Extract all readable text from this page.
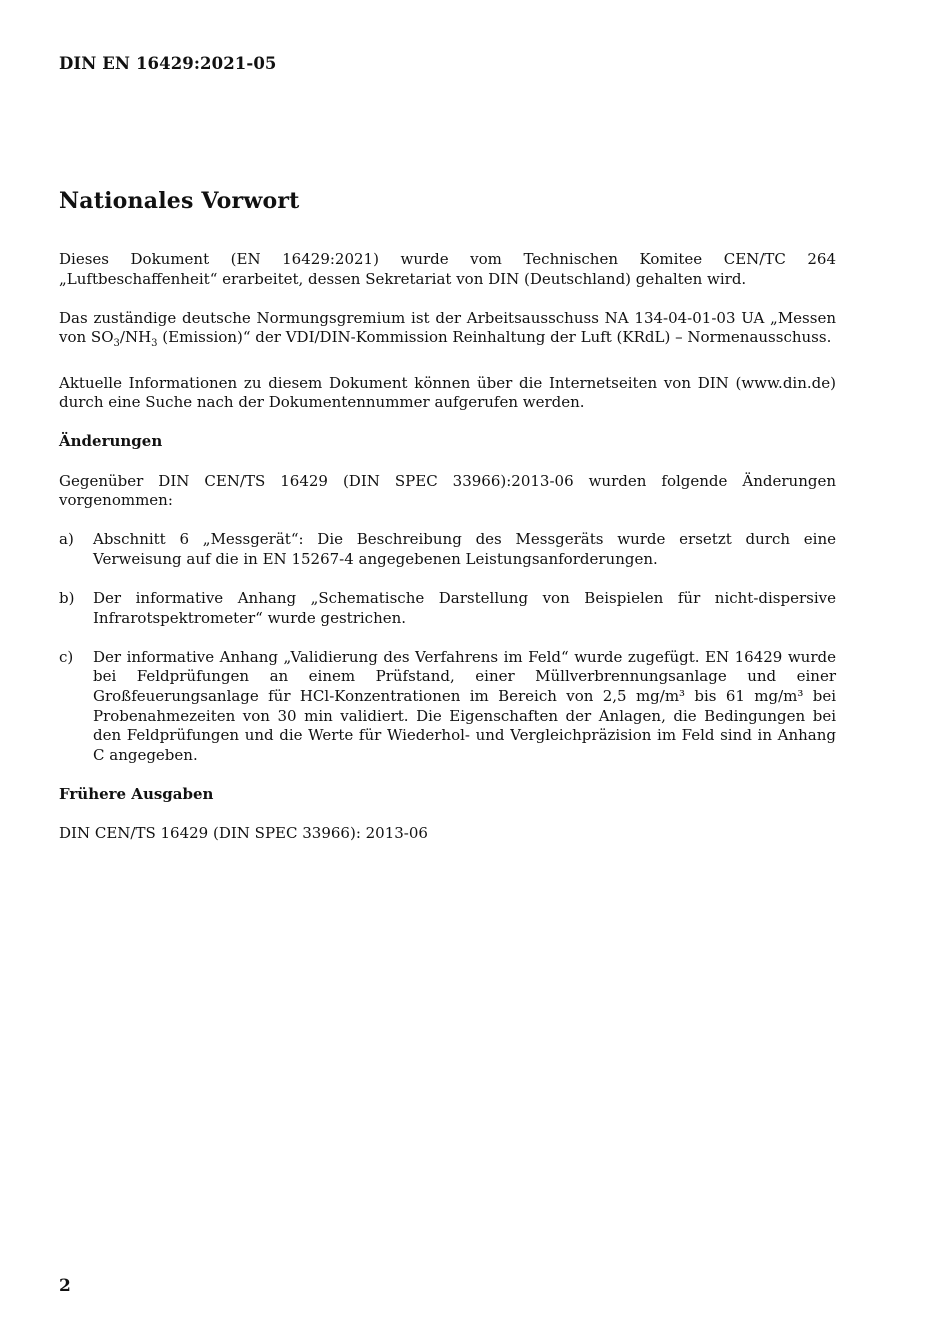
DIN EN 16429:2021-05
Nationales Vorwort

Dieses Dokument (EN 16429:2021) wurde vom Technischen Komitee CEN/TC 264 „Luftbeschaffenheit“ erarbeitet, dessen Sekretariat von DIN (Deutschland) gehalten wird.

Das zuständige deutsche Normungsgremium ist der Arbeitsausschuss NA 134-04-01-03 UA „Messen von $SO_3/NH_3$ (Emission)“ der VDI/DIN-Kommission Reinhaltung der Luft (KRdL) – Normenausschuss.

Aktuelle Informationen zu diesem Dokument können über die Internetseiten von DIN (www.din.de) durch eine Suche nach der Dokumentennummer aufgerufen werden.

Änderungen

Gegenüber DIN CEN/TS 16429 (DIN SPEC 33966):2013-06 wurden folgende Änderungen vorgenommen:

a)	Abschnitt 6 „Messgerät“: Die Beschreibung des Messgeräts wurde ersetzt durch eine Verweisung auf die in EN 15267-4 angegebenen Leistungsanforderungen.
b)	Der informative Anhang „Schematische Darstellung von Beispielen für nicht-dispersive Infrarotspektrometer“ wurde gestrichen.
c)	Der informative Anhang „Validierung des Verfahrens im Feld“ wurde zugefügt. EN 16429 wurde bei Feldprüfungen an einem Prüfstand, einer Müllverbrennungsanlage und einer Großfeuerungsanlage für HCl-Konzentrationen im Bereich von 2,5 mg/m³ bis 61 mg/m³ bei Probenahmezeiten von 30 min validiert. Die Eigenschaften der Anlagen, die Bedingungen bei den Feldprüfungen und die Werte für Wiederhol- und Vergleichpräzision im Feld sind in Anhang C angegeben.
Frühere Ausgaben

DIN CEN/TS 16429 (DIN SPEC 33966): 2013-06

2
